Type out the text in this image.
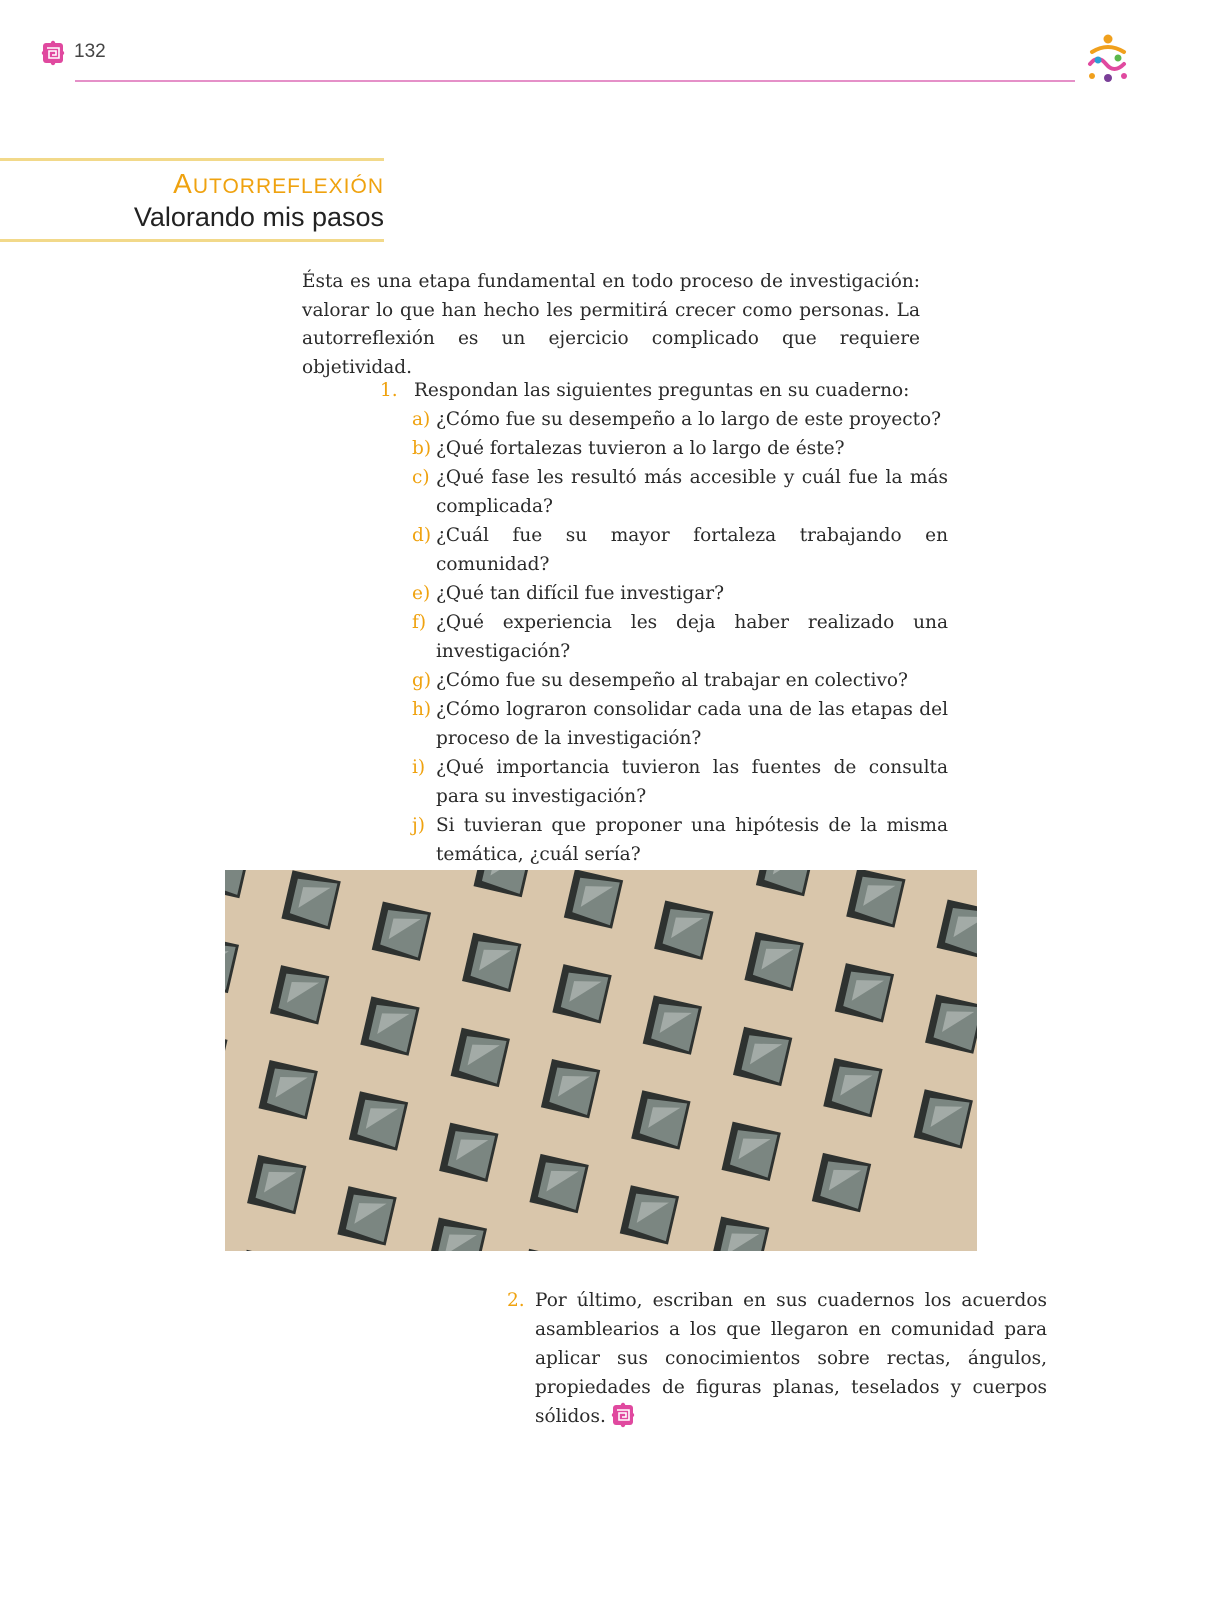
132
AUTORREFLEXIÓN
Valorando mis pasos

Ésta es una etapa fundamental en todo proceso de investigación: valorar lo que han hecho les permitirá crecer como personas. La autorreflexión es un ejercicio complicado que requiere objetividad.

1. Respondan las siguientes preguntas en su cuaderno:
a) ¿Cómo fue su desempeño a lo largo de este proyecto?
b) ¿Qué fortalezas tuvieron a lo largo de éste?
c) ¿Qué fase les resultó más accesible y cuál fue la más complicada?
d) ¿Cuál fue su mayor fortaleza trabajando en comunidad?
e) ¿Qué tan difícil fue investigar?
f) ¿Qué experiencia les deja haber realizado una investigación?
g) ¿Cómo fue su desempeño al trabajar en colectivo?
h) ¿Cómo lograron consolidar cada una de las etapas del proceso de la investigación?
i) ¿Qué importancia tuvieron las fuentes de consulta para su investigación?
j) Si tuvieran que proponer una hipótesis de la misma temática, ¿cuál sería?
2. Por último, escriban en sus cuadernos los acuerdos asamblearios a los que llegaron en comunidad para aplicar sus conocimientos sobre rectas, ángulos, propiedades de figuras planas, teselados y cuerpos sólidos.
